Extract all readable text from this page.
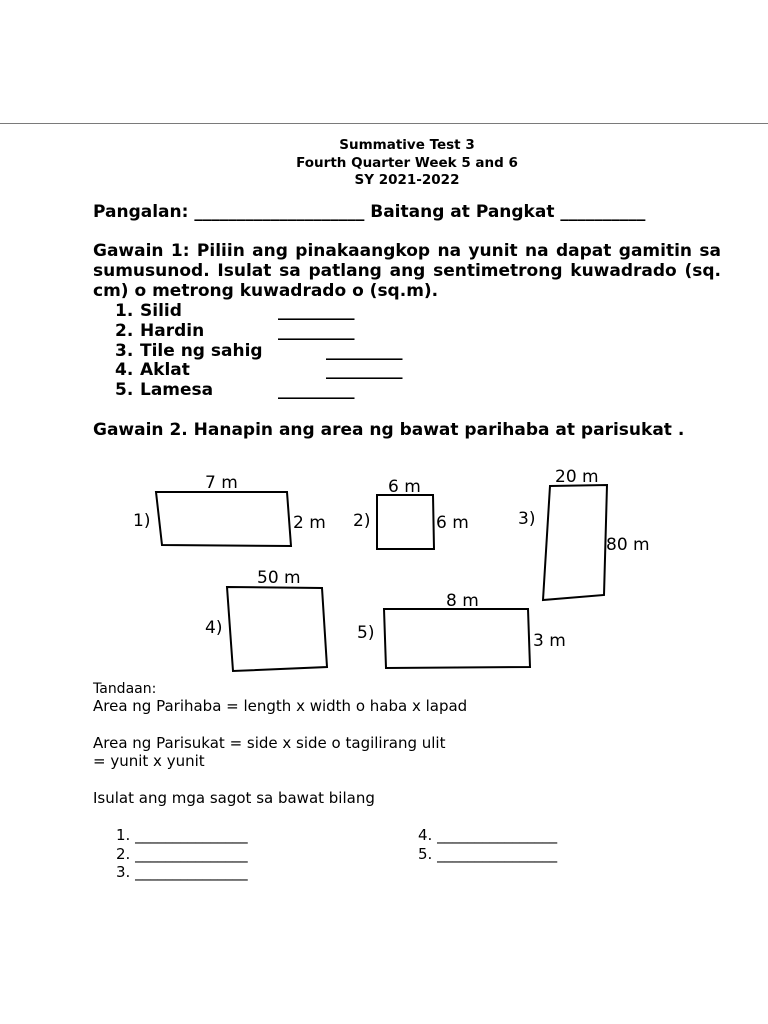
Summative Test 3
Fourth Quarter Week 5 and 6
SY 2021-2022
Pangalan: ____________________ Baitang at Pangkat __________
Gawain 1: Piliin ang pinakaangkop na yunit na dapat gamitin sa sumusunod. Isulat sa patlang ang sentimetrong kuwadrado (sq. cm) o metrong kuwadrado o (sq.m).
1. Silid	_________
2. Hardin	_________
3. Tile ng sahig	_________
4. Aklat	_________
5. Lamesa	_________
Gawain 2. Hanapin ang area ng bawat parihaba at parisukat .
7 m
2 m
1)
6 m
6 m
2)
20 m
80 m
3)
50 m
4)
8 m
3 m
5)
Tandaan:
Area ng Parihaba = length x width o haba x lapad
Area ng Parisukat = side x side o tagilirang ulit
= yunit x yunit
Isulat ang mga sagot sa bawat bilang
1. _______________
2. _______________
3. _______________
4. ________________
5. ________________
